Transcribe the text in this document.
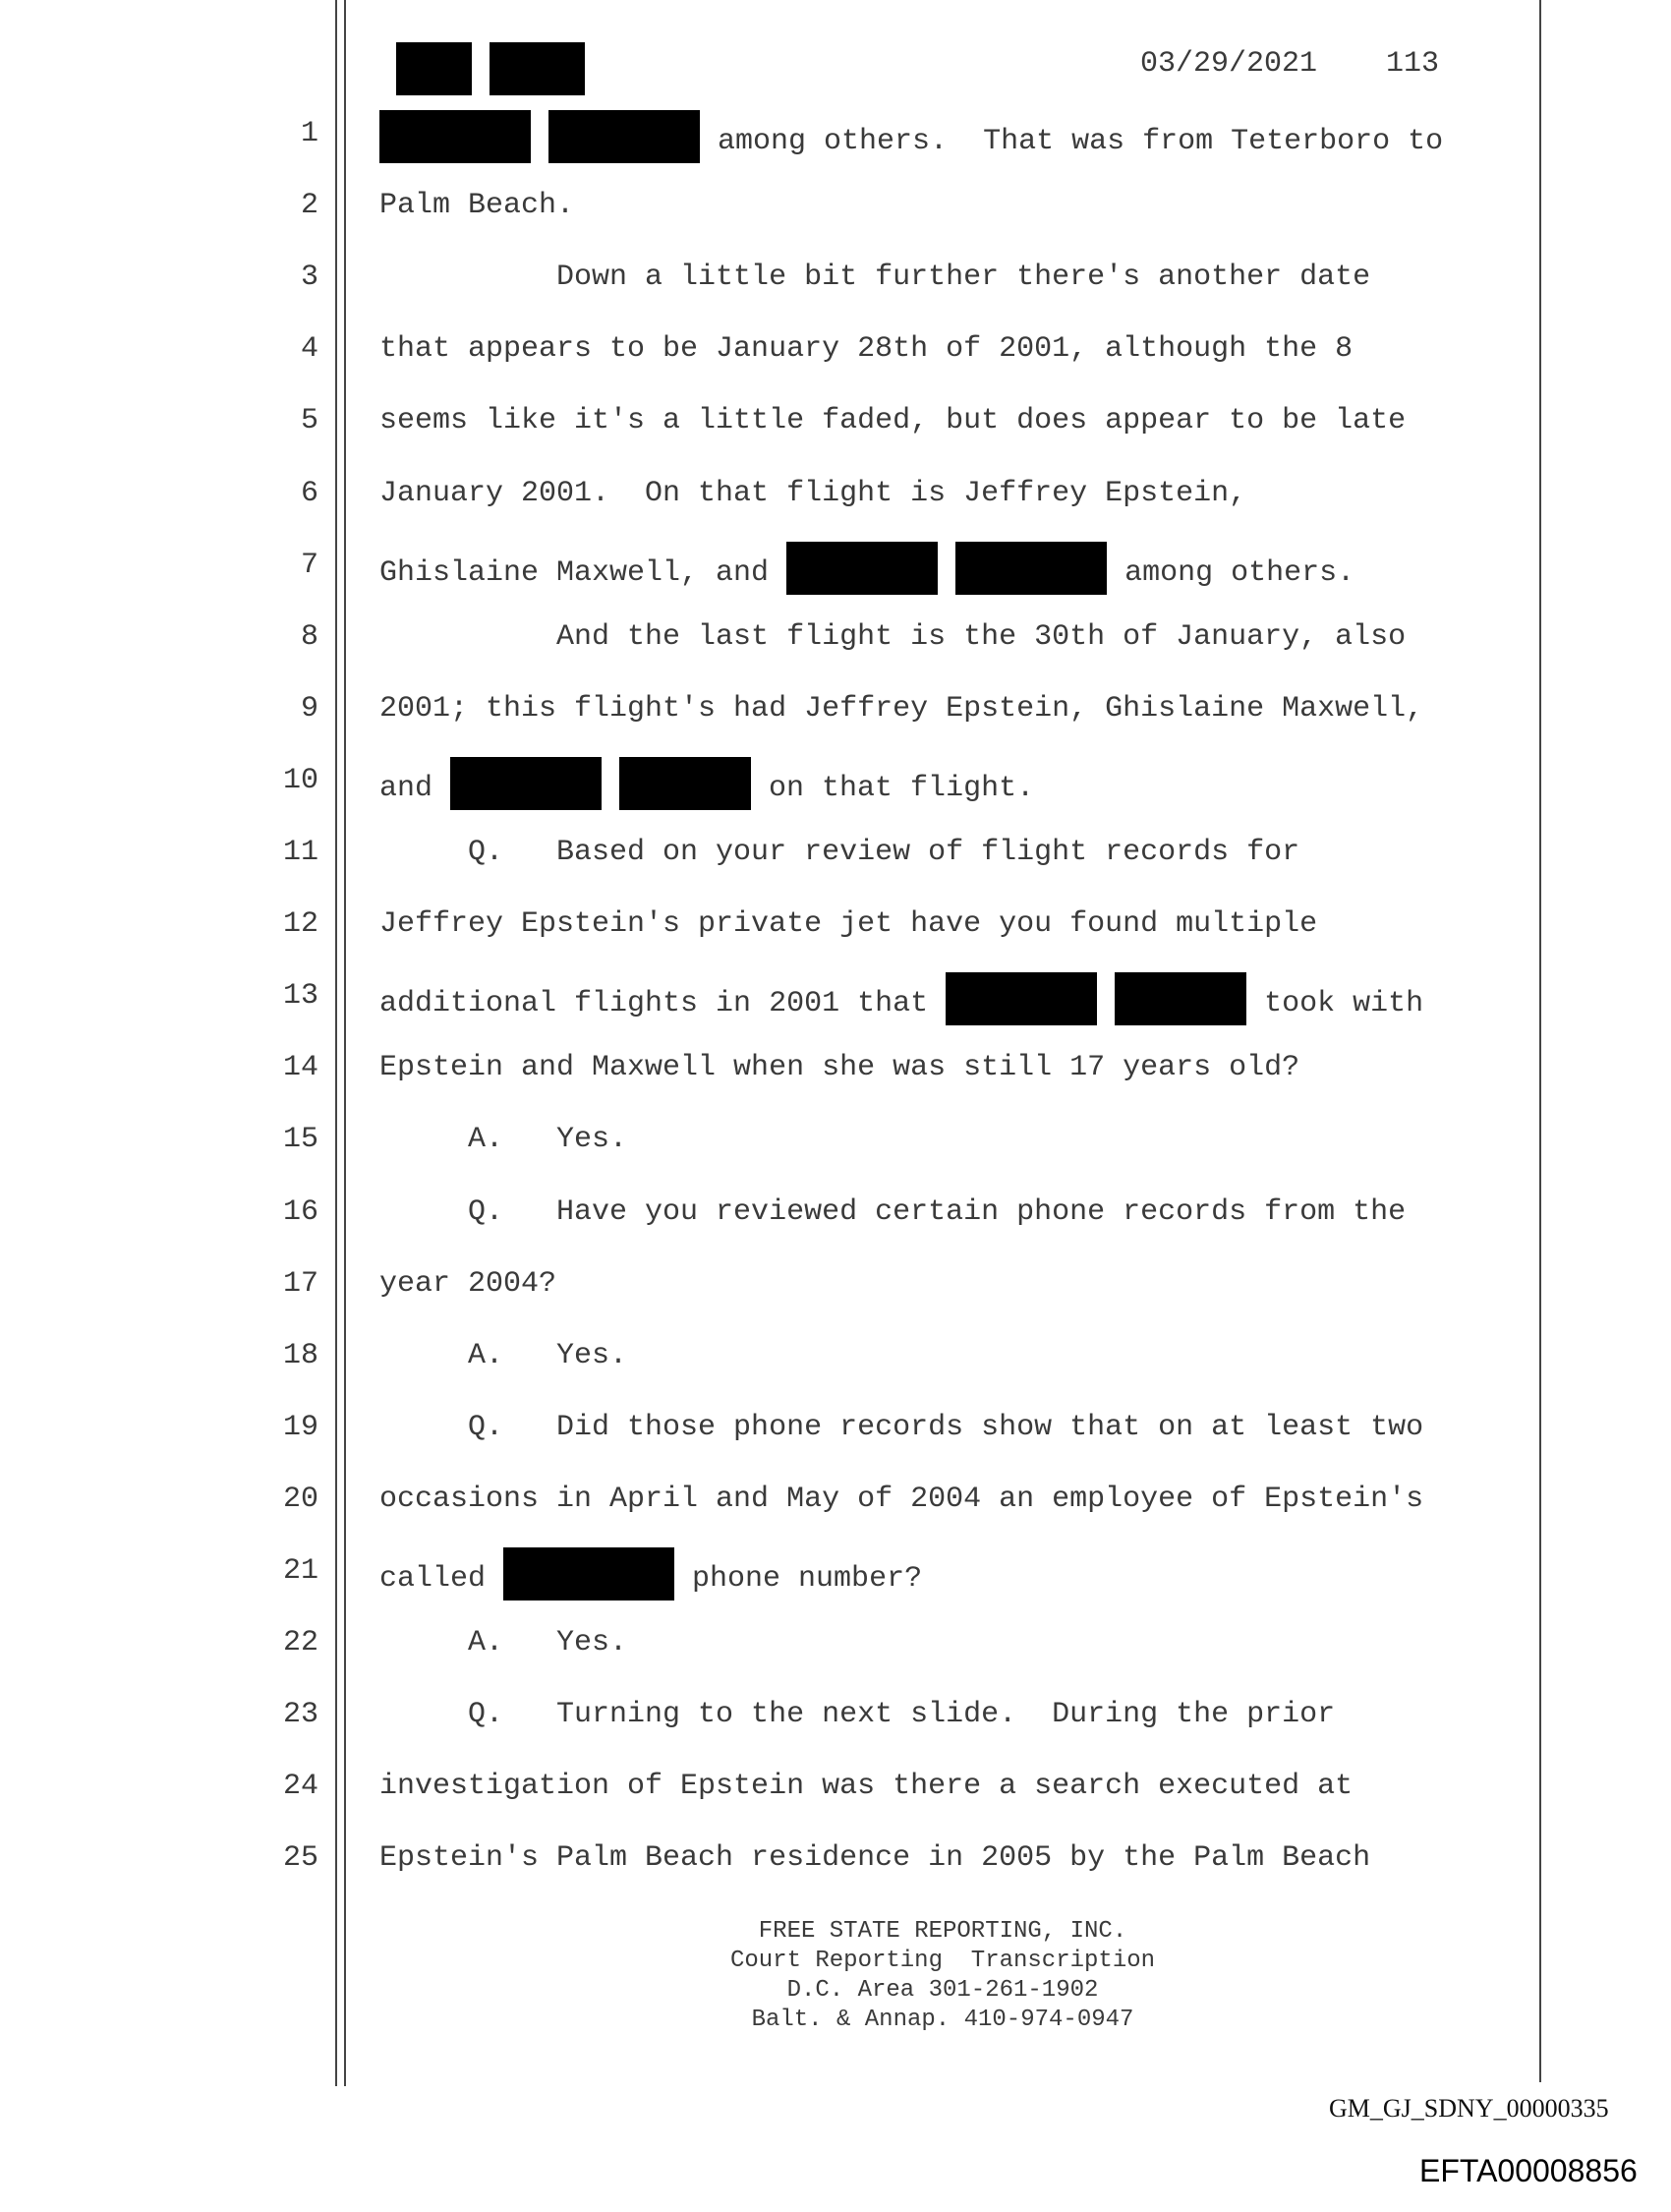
03/29/2021 113
1	among others.  That was from Teterboro to
2 Palm Beach.
3 Down a little bit further there's another date
4 that appears to be January 28th of 2001, although the 8
5 seems like it's a little faded, but does appear to be late
6 January 2001.  On that flight is Jeffrey Epstein,
7 Ghislaine Maxwell, and	among others.
8 And the last flight is the 30th of January, also
9 2001; this flight's had Jeffrey Epstein, Ghislaine Maxwell,
10 and	on that flight.
11 Q.   Based on your review of flight records for
12 Jeffrey Epstein's private jet have you found multiple
13 additional flights in 2001 that	took with
14 Epstein and Maxwell when she was still 17 years old?
15 A.   Yes.
16 Q.   Have you reviewed certain phone records from the
17 year 2004?
18 A.   Yes.
19 Q.   Did those phone records show that on at least two
20 occasions in April and May of 2004 an employee of Epstein's
21 called	phone number?
22 A.   Yes.
23 Q.   Turning to the next slide.  During the prior
24 investigation of Epstein was there a search executed at
25 Epstein's Palm Beach residence in 2005 by the Palm Beach
FREE STATE REPORTING, INC.
Court Reporting  Transcription
D.C. Area 301-261-1902
Balt. & Annap. 410-974-0947
GM_GJ_SDNY_00000335
EFTA00008856
